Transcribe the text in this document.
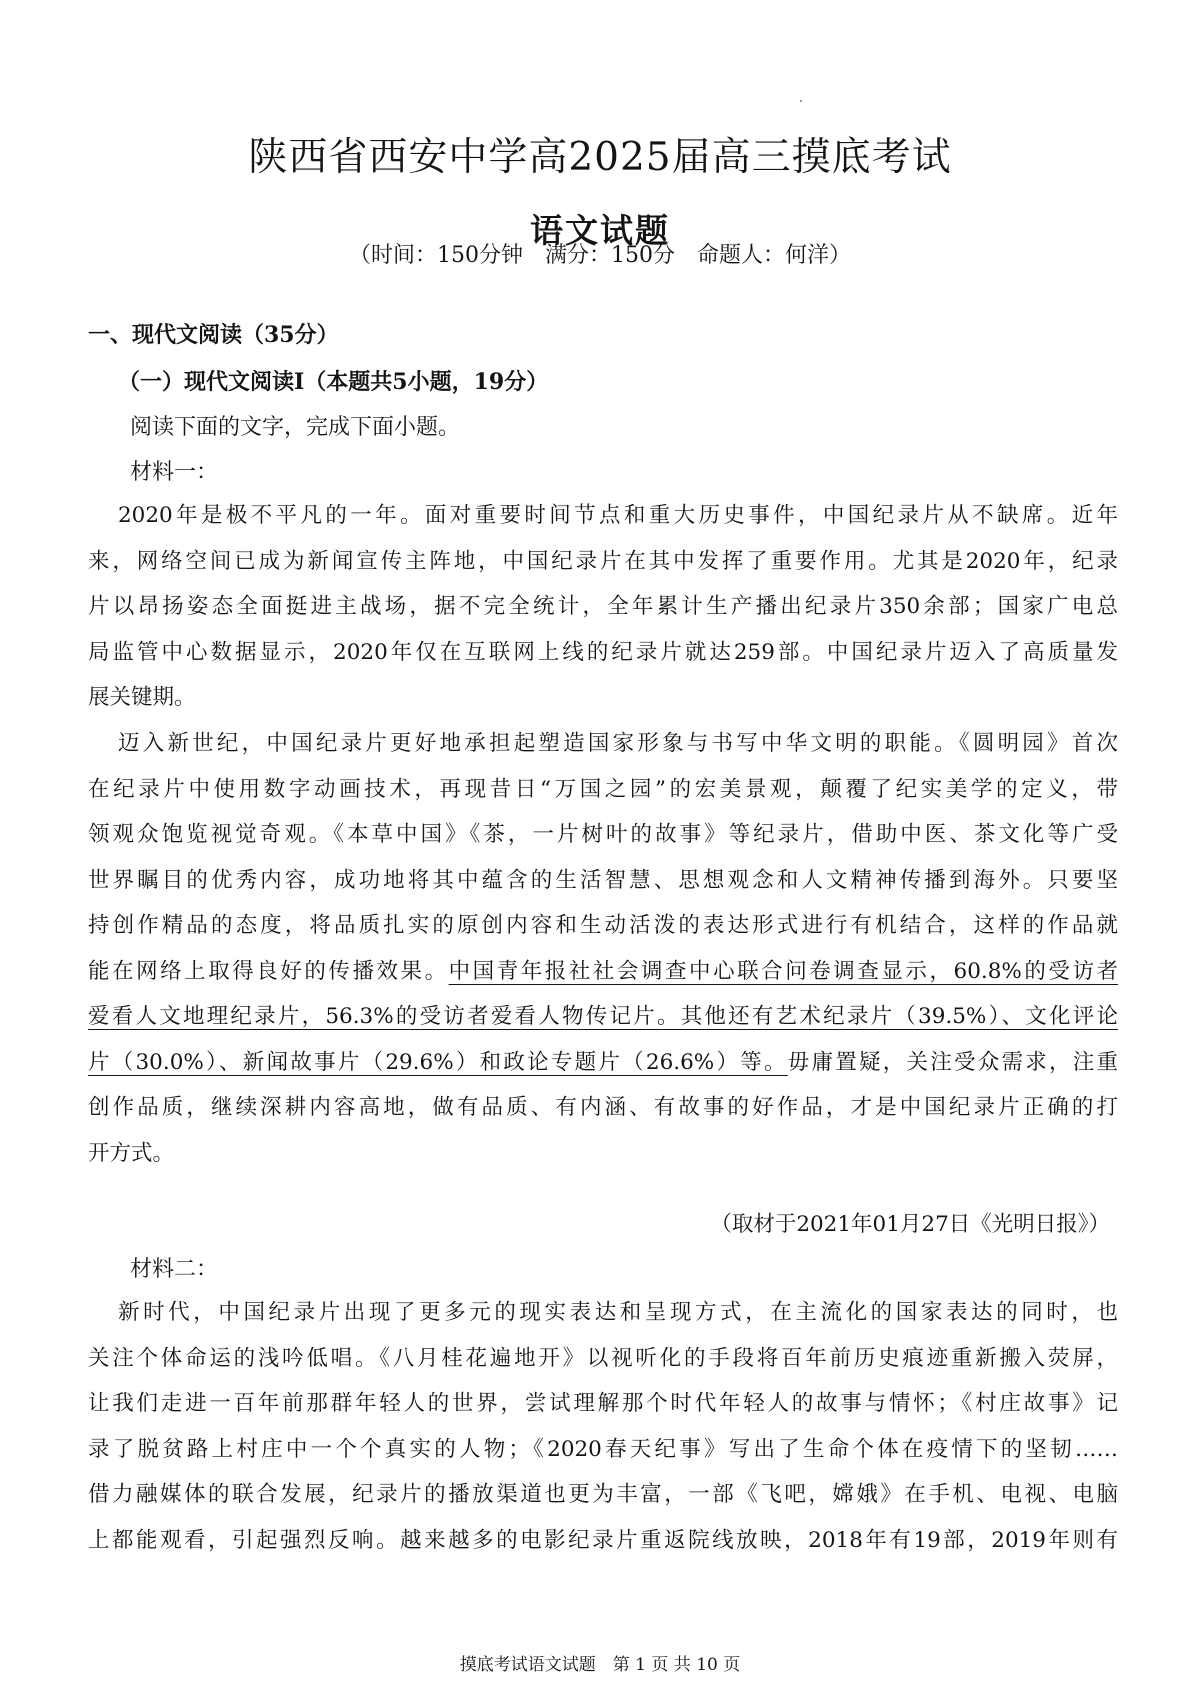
陕西省西安中学高2025届高三摸底考试
语文试题
（时间：150分钟　满分：150分　命题人：何洋）
一、现代文阅读（35分）
（一）现代文阅读Ⅰ（本题共5小题，19分）
阅读下面的文字，完成下面小题。
材料一：
2020年是极不平凡的一年。面对重要时间节点和重大历史事件，中国纪录片从不缺席。近年
来，网络空间已成为新闻宣传主阵地，中国纪录片在其中发挥了重要作用。尤其是2020年，纪录
片以昂扬姿态全面挺进主战场，据不完全统计，全年累计生产播出纪录片350余部；国家广电总
局监管中心数据显示，2020年仅在互联网上线的纪录片就达259部。中国纪录片迈入了高质量发
展关键期。
迈入新世纪，中国纪录片更好地承担起塑造国家形象与书写中华文明的职能。《圆明园》首次
在纪录片中使用数字动画技术，再现昔日“万国之园”的宏美景观，颠覆了纪实美学的定义，带
领观众饱览视觉奇观。《本草中国》《茶，一片树叶的故事》等纪录片，借助中医、茶文化等广受
世界瞩目的优秀内容，成功地将其中蕴含的生活智慧、思想观念和人文精神传播到海外。只要坚
持创作精品的态度，将品质扎实的原创内容和生动活泼的表达形式进行有机结合，这样的作品就
能在网络上取得良好的传播效果。中国青年报社社会调查中心联合问卷调查显示，60.8%的受访者
爱看人文地理纪录片，56.3%的受访者爱看人物传记片。其他还有艺术纪录片（39.5%）、文化评论
片（30.0%）、新闻故事片（29.6%）和政论专题片（26.6%）等。毋庸置疑，关注受众需求，注重
创作品质，继续深耕内容高地，做有品质、有内涵、有故事的好作品，才是中国纪录片正确的打
开方式。
（取材于2021年01月27日《光明日报》）
材料二：
新时代，中国纪录片出现了更多元的现实表达和呈现方式，在主流化的国家表达的同时，也
关注个体命运的浅吟低唱。《八月桂花遍地开》以视听化的手段将百年前历史痕迹重新搬入荧屏，
让我们走进一百年前那群年轻人的世界，尝试理解那个时代年轻人的故事与情怀；《村庄故事》记
录了脱贫路上村庄中一个个真实的人物；《2020春天纪事》写出了生命个体在疫情下的坚韧……
借力融媒体的联合发展，纪录片的播放渠道也更为丰富，一部《飞吧，嫦娥》在手机、电视、电脑
上都能观看，引起强烈反响。越来越多的电影纪录片重返院线放映，2018年有19部，2019年则有
摸底考试语文试题　第 1 页 共 10 页
